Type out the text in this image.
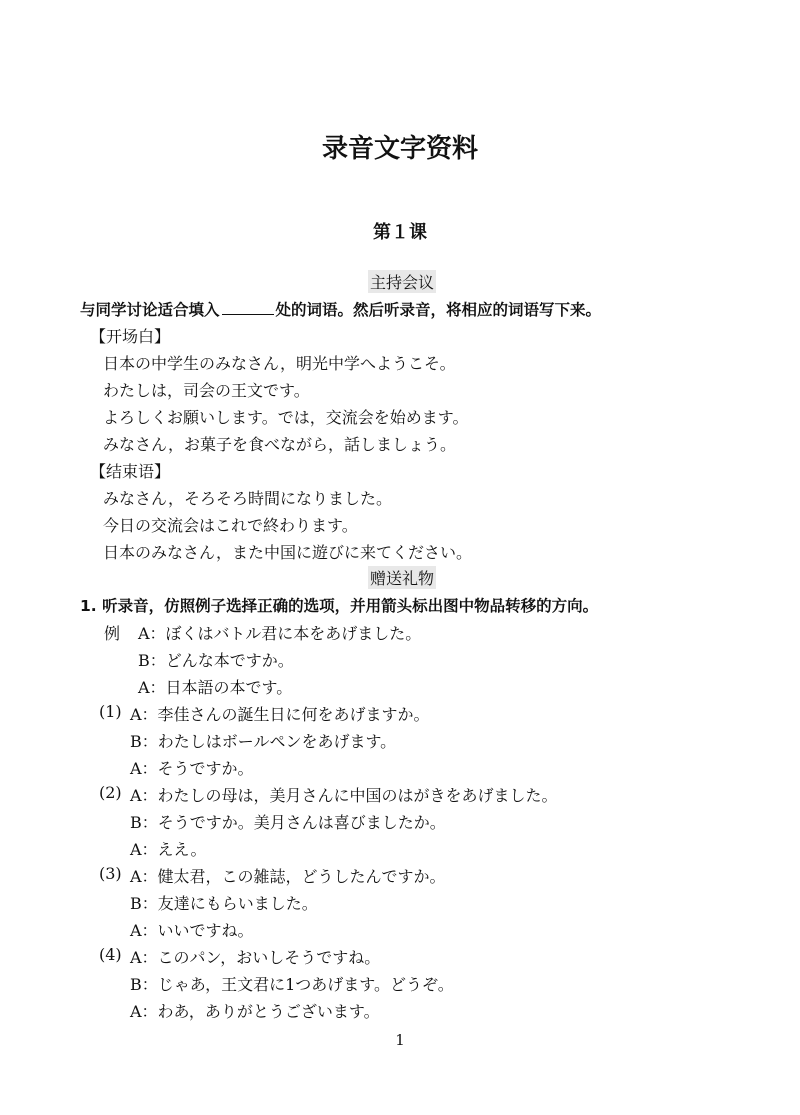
录音文字资料
第１课
主持会议
与同学讨论适合填入	处的词语。然后听录音，将相应的词语写下来。
【开场白】
日本の中学生のみなさん，明光中学へようこそ。
わたしは，司会の王文です。
よろしくお願いします。では，交流会を始めます。
みなさん，お菓子を食べながら，話しましょう。
【结束语】
みなさん，そろそろ時間になりました。
今日の交流会はこれで終わります。
日本のみなさん，また中国に遊びに来てください。
赠送礼物
1. 听录音，仿照例子选择正确的选项，并用箭头标出图中物品转移的方向。
例 A：ぼくはバトル君に本をあげました。
B：どんな本ですか。
A：日本語の本です。
(1) A：李佳さんの誕生日に何をあげますか。
B：わたしはボールペンをあげます。
A：そうですか。
(2) A：わたしの母は，美月さんに中国のはがきをあげました。
B：そうですか。美月さんは喜びましたか。
A：ええ。
(3) A：健太君，この雑誌，どうしたんですか。
B：友達にもらいました。
A：いいですね。
(4) A：このパン，おいしそうですね。
B：じゃあ，王文君に1つあげます。どうぞ。
A：わあ，ありがとうございます。
1
